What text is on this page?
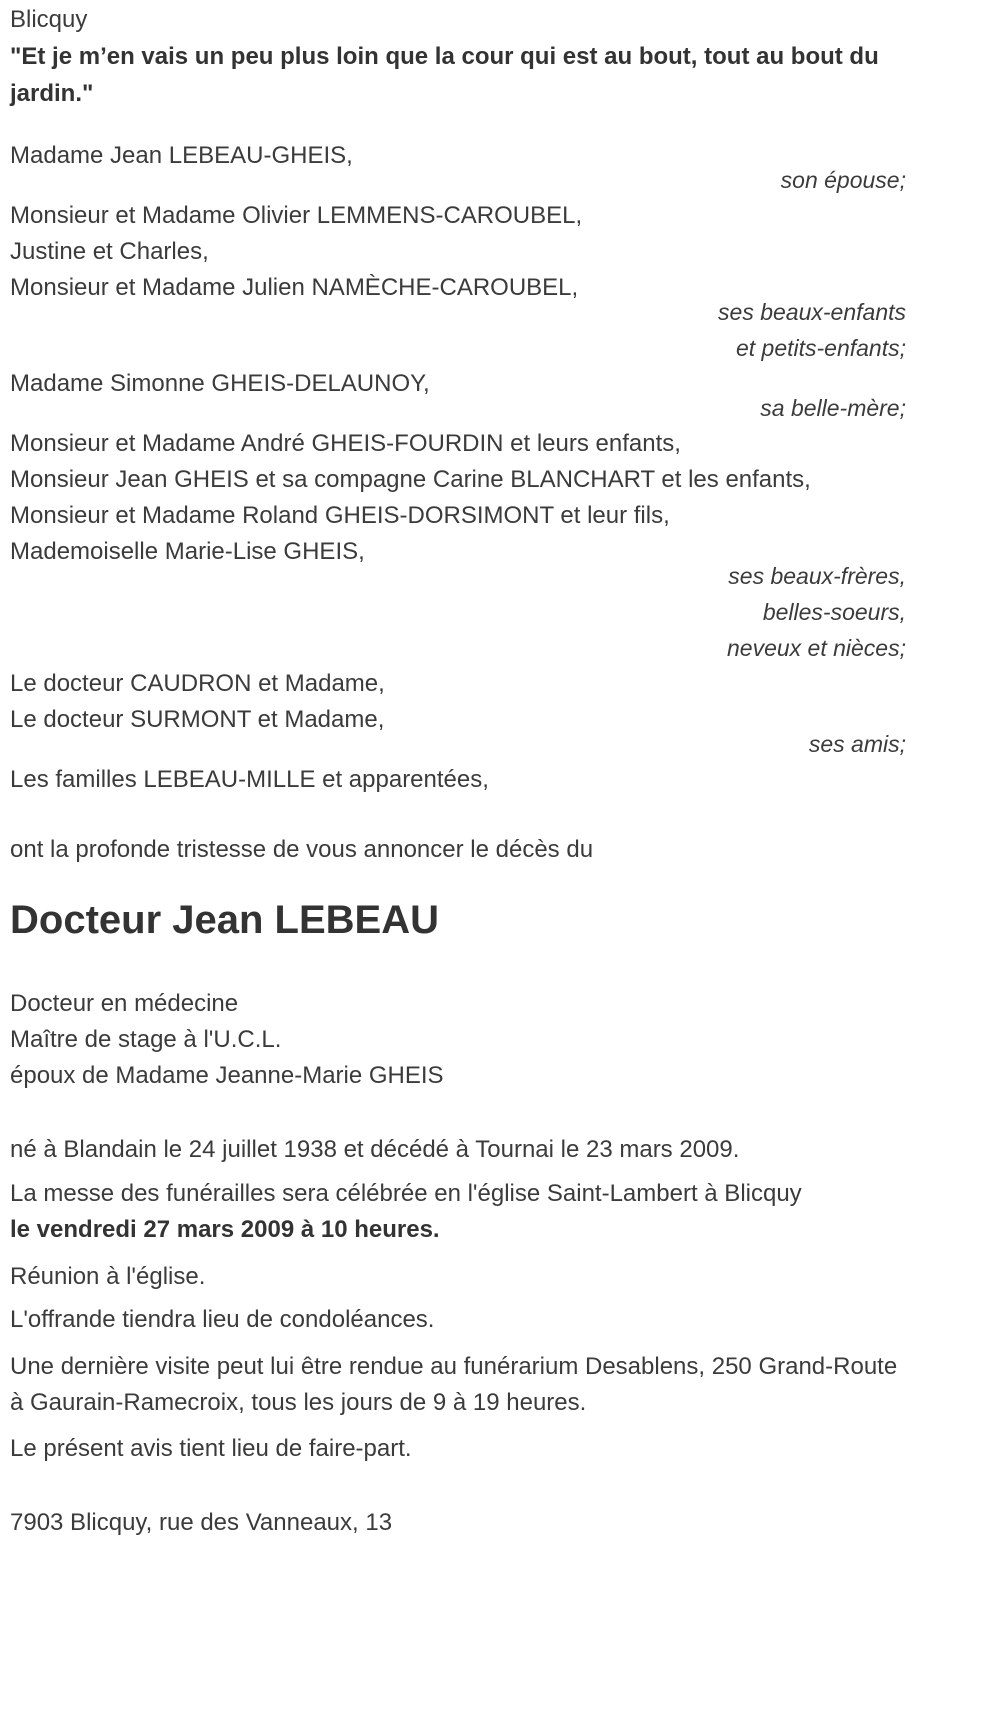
Blicquy

"Et je m’en vais un peu plus loin que la cour qui est au bout, tout au bout du jardin."

Madame Jean LEBEAU-GHEIS,
son épouse;
Monsieur et Madame Olivier LEMMENS-CAROUBEL,
Justine et Charles,
Monsieur et Madame Julien NAMÈCHE-CAROUBEL,
ses beaux-enfants
et petits-enfants;
Madame Simonne GHEIS-DELAUNOY,
sa belle-mère;
Monsieur et Madame André GHEIS-FOURDIN et leurs enfants,
Monsieur Jean GHEIS et sa compagne Carine BLANCHART et les enfants,
Monsieur et Madame Roland GHEIS-DORSIMONT et leur fils,
Mademoiselle Marie-Lise GHEIS,
ses beaux-frères,
belles-soeurs,
neveux et nièces;
Le docteur CAUDRON et Madame,
Le docteur SURMONT et Madame,
ses amis;
Les familles LEBEAU-MILLE et apparentées,

ont la profonde tristesse de vous annoncer le décès du

Docteur Jean LEBEAU
Docteur en médecine
Maître de stage à l'U.C.L.
époux de Madame Jeanne-Marie GHEIS

né à Blandain le 24 juillet 1938 et décédé à Tournai le 23 mars 2009.

La messe des funérailles sera célébrée en l'église Saint-Lambert à Blicquy
le vendredi 27 mars 2009 à 10 heures.

Réunion à l'église.

L'offrande tiendra lieu de condoléances.

Une dernière visite peut lui être rendue au funérarium Desablens, 250 Grand-Route à Gaurain-Ramecroix, tous les jours de 9 à 19 heures.

Le présent avis tient lieu de faire-part.

7903 Blicquy, rue des Vanneaux, 13
